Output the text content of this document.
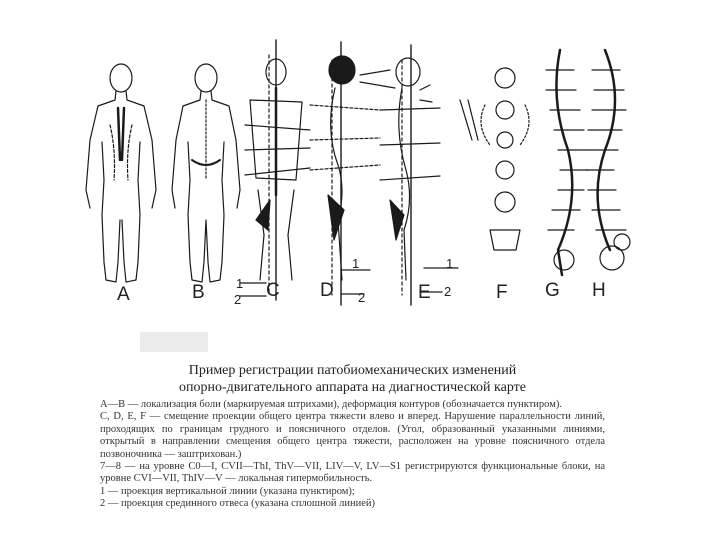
A	B	C D	E	F G H
1
2
1
2
1
2
Пример регистрации патобиомеханических изменений
опорно-двигательного аппарата на диагностической карте

А—В — локализация боли (маркируемая штрихами), деформация контуров (обозначается пунктиром).

С, D, E, F — смещение проекции общего центра тяжести влево и вперед. Нарушение параллельности линий, проходящих по границам грудного и поясничного отделов. (Угол, образованный указанными линиями, открытый в направлении смещения общего центра тяжести, расположен на уровне поясничного отдела позвоночника — заштрихован.)

7—8 — на уровне С0—I, CVII—ThI, ThV—VII, LIV—V, LV—S1 регистрируются функциональные блоки, на уровне CVI—VII, ThIV—V — локальная гипермобильность.

1 — проекция вертикальной линии (указана пунктиром);

2 — проекция срединного отвеса (указана сплошной линией)
